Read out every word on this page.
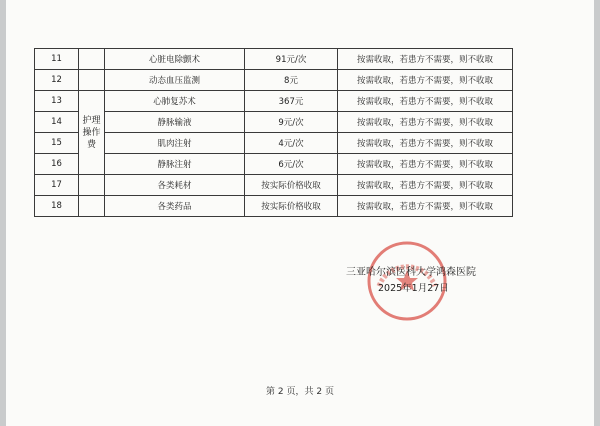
11		心脏电除颤术	91元/次	按需收取，若患方不需要，则不收取
12		动态血压监测	8元	按需收取，若患方不需要，则不收取
13	护理
操作
费	心肺复苏术	367元	按需收取，若患方不需要，则不收取
14		静脉输液	9元/次	按需收取，若患方不需要，则不收取
15		肌肉注射	4元/次	按需收取，若患方不需要，则不收取
16		静脉注射	6元/次	按需收取，若患方不需要，则不收取
17		各类耗材	按实际价格收取	按需收取，若患方不需要，则不收取
18		各类药品	按实际价格收取	按需收取，若患方不需要，则不收取
三亚哈尔滨医科大学鸿森医院
2025年1月27日
第 2 页，共 2 页
